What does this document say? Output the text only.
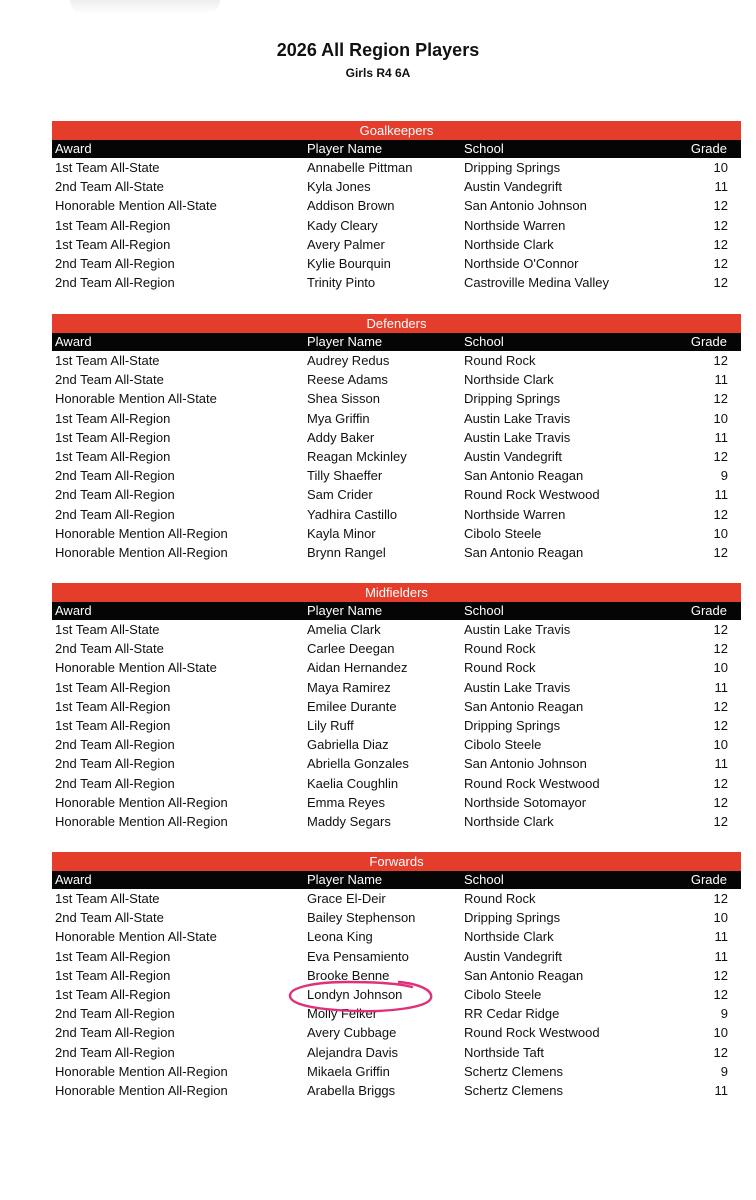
2026 All Region Players
Girls R4 6A
Goalkeepers
Award	Player Name	School	Grade
1st Team All-State	Annabelle Pittman	Dripping Springs	10
2nd Team All-State	Kyla Jones	Austin Vandegrift	11
Honorable Mention All-State	Addison Brown	San Antonio Johnson	12
1st Team All-Region	Kady Cleary	Northside Warren	12
1st Team All-Region	Avery Palmer	Northside Clark	12
2nd Team All-Region	Kylie Bourquin	Northside O'Connor	12
2nd Team All-Region	Trinity Pinto	Castroville Medina Valley	12
Defenders
Award	Player Name	School	Grade
1st Team All-State	Audrey Redus	Round Rock	12
2nd Team All-State	Reese Adams	Northside Clark	11
Honorable Mention All-State	Shea Sisson	Dripping Springs	12
1st Team All-Region	Mya Griffin	Austin Lake Travis	10
1st Team All-Region	Addy Baker	Austin Lake Travis	11
1st Team All-Region	Reagan Mckinley	Austin Vandegrift	12
2nd Team All-Region	Tilly Shaeffer	San Antonio Reagan	9
2nd Team All-Region	Sam Crider	Round Rock Westwood	11
2nd Team All-Region	Yadhira Castillo	Northside Warren	12
Honorable Mention All-Region	Kayla Minor	Cibolo Steele	10
Honorable Mention All-Region	Brynn Rangel	San Antonio Reagan	12
Midfielders
Award	Player Name	School	Grade
1st Team All-State	Amelia Clark	Austin Lake Travis	12
2nd Team All-State	Carlee Deegan	Round Rock	12
Honorable Mention All-State	Aidan Hernandez	Round Rock	10
1st Team All-Region	Maya Ramirez	Austin Lake Travis	11
1st Team All-Region	Emilee Durante	San Antonio Reagan	12
1st Team All-Region	Lily Ruff	Dripping Springs	12
2nd Team All-Region	Gabriella Diaz	Cibolo Steele	10
2nd Team All-Region	Abriella Gonzales	San Antonio Johnson	11
2nd Team All-Region	Kaelia Coughlin	Round Rock Westwood	12
Honorable Mention All-Region	Emma Reyes	Northside Sotomayor	12
Honorable Mention All-Region	Maddy Segars	Northside Clark	12
Forwards
Award	Player Name	School	Grade
1st Team All-State	Grace El-Deir	Round Rock	12
2nd Team All-State	Bailey Stephenson	Dripping Springs	10
Honorable Mention All-State	Leona King	Northside Clark	11
1st Team All-Region	Eva Pensamiento	Austin Vandegrift	11
1st Team All-Region	Brooke Benne	San Antonio Reagan	12
1st Team All-Region	Londyn Johnson	Cibolo Steele	12
2nd Team All-Region	Molly Felker	RR Cedar Ridge	9
2nd Team All-Region	Avery Cubbage	Round Rock Westwood	10
2nd Team All-Region	Alejandra Davis	Northside Taft	12
Honorable Mention All-Region	Mikaela Griffin	Schertz Clemens	9
Honorable Mention All-Region	Arabella Briggs	Schertz Clemens	11
